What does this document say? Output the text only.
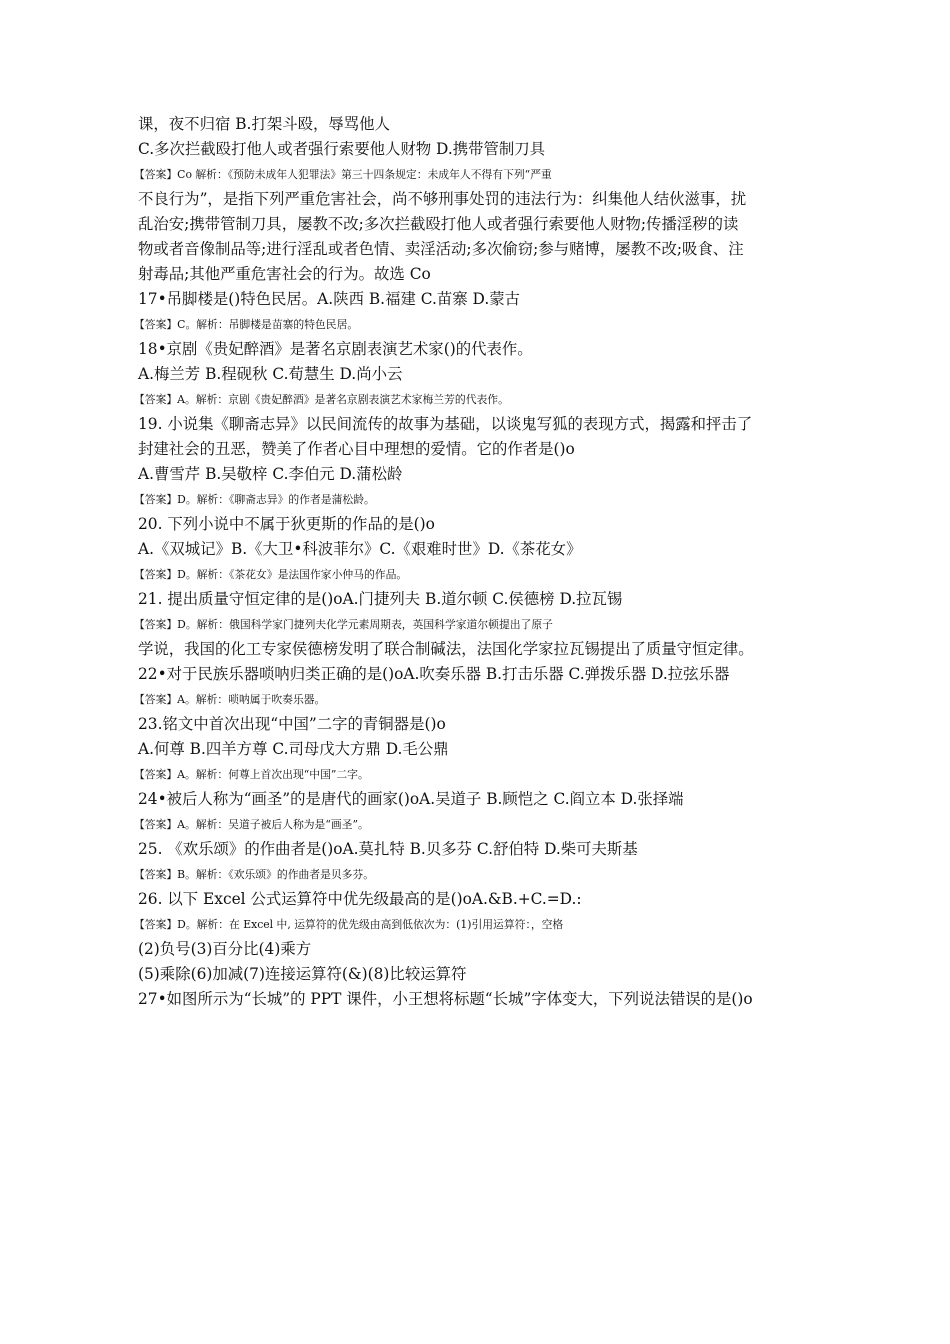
课，夜不归宿 B.打架斗殴，辱骂他人

C.多次拦截殴打他人或者强行索要他人财物 D.携带管制刀具

【答案】Co 解析：《预防未成年人犯罪法》第三十四条规定：未成年人不得有下列“严重

不良行为”，是指下列严重危害社会，尚不够刑事处罚的违法行为：纠集他人结伙滋事，扰

乱治安;携带管制刀具，屡教不改;多次拦截殴打他人或者强行索要他人财物;传播淫秽的读

物或者音像制品等;进行淫乱或者色情、卖淫活动;多次偷窃;参与赌博，屡教不改;吸食、注

射毒品;其他严重危害社会的行为。故选 Co

17•吊脚楼是()特色民居。A.陕西 B.福建 C.苗寨 D.蒙古

【答案】C。解析：吊脚楼是苗寨的特色民居。

18•京剧《贵妃醉酒》是著名京剧表演艺术家()的代表作。

A.梅兰芳 B.程砚秋 C.荀慧生 D.尚小云

【答案】A。解析：京剧《贵妃醉酒》是著名京剧表演艺术家梅兰芳的代表作。

19. 小说集《聊斋志异》以民间流传的故事为基础，以谈鬼写狐的表现方式，揭露和抨击了

封建社会的丑恶，赞美了作者心目中理想的爱情。它的作者是()o

A.曹雪芹 B.吴敬梓 C.李伯元 D.蒲松龄

【答案】D。解析：《聊斋志异》的作者是蒲松龄。

20. 下列小说中不属于狄更斯的作品的是()o

A.《双城记》B.《大卫•科波菲尔》C.《艰难时世》D.《茶花女》

【答案】D。解析：《茶花女》是法国作家小仲马的作品。

21. 提出质量守恒定律的是()oA.门捷列夫 B.道尔顿 C.侯德榜 D.拉瓦锡

【答案】D。解析：俄国科学家门捷列夫化学元素周期表，英国科学家道尔顿提出了原子

学说，我国的化工专家侯德榜发明了联合制碱法，法国化学家拉瓦锡提出了质量守恒定律。

22•对于民族乐器唢呐归类正确的是()oA.吹奏乐器 B.打击乐器 C.弹拨乐器 D.拉弦乐器

【答案】A。解析：唢呐属于吹奏乐器。

23.铭文中首次出现“中国”二字的青铜器是()o

A.何尊 B.四羊方尊 C.司母戊大方鼎 D.毛公鼎

【答案】A。解析：何尊上首次出现“中国”二字。

24•被后人称为“画圣”的是唐代的画家()oA.吴道子 B.顾恺之 C.阎立本 D.张择端

【答案】A。解析：吴道子被后人称为是“画圣”。

25. 《欢乐颂》的作曲者是()oA.莫扎特 B.贝多芬 C.舒伯特 D.柴可夫斯基

【答案】B。解析：《欢乐颂》的作曲者是贝多芬。

26. 以下 Excel 公式运算符中优先级最高的是()oA.&B.+C.=D.:

【答案】D。解析：在 Excel 中, 运算符的优先级由高到低依次为：(1)引用运算符：，空格

(2)负号(3)百分比(4)乘方

(5)乘除(6)加减(7)连接运算符(&)(8)比较运算符

27•如图所示为“长城”的 PPT 课件，小王想将标题“长城”字体变大，下列说法错误的是()o
